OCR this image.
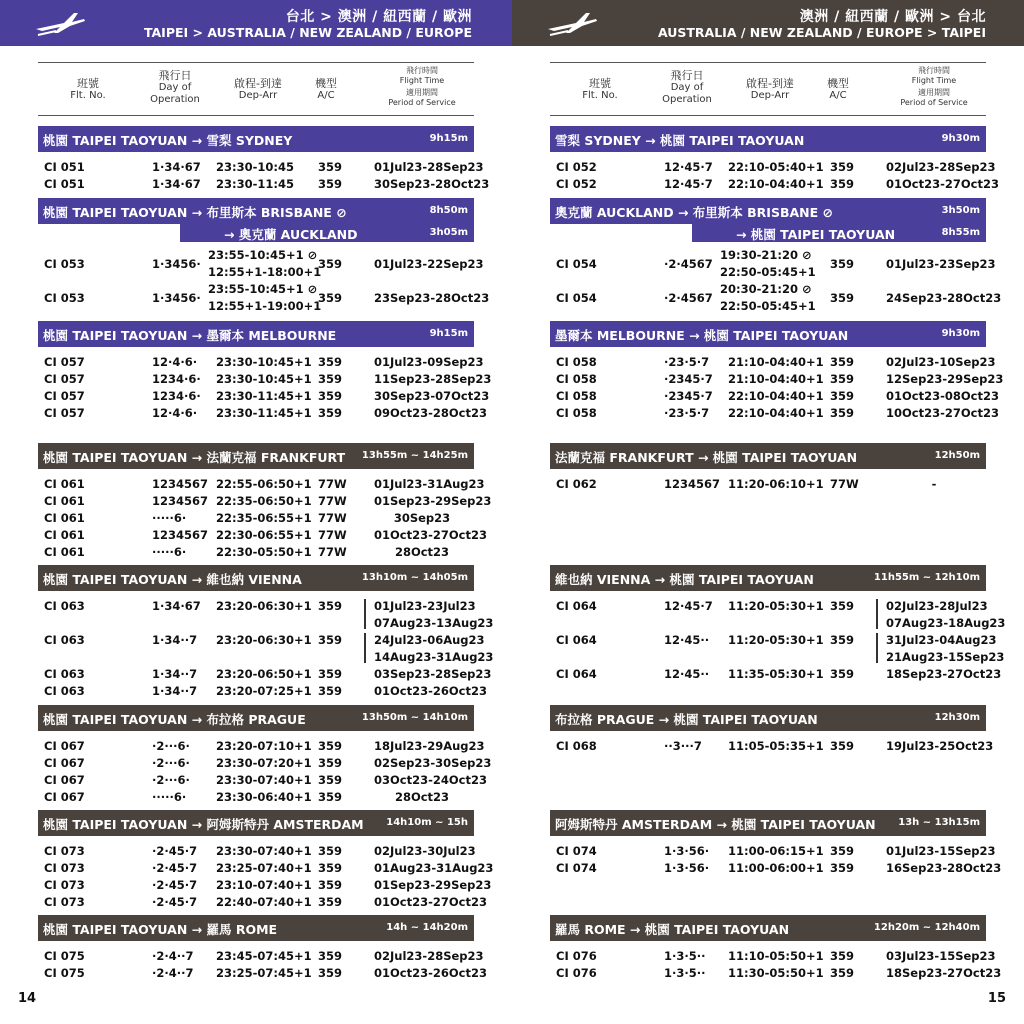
台北 > 澳洲 / 紐西蘭 / 歐洲
TAIPEI > AUSTRALIA / NEW ZEALAND / EUROPE
班號
Flt. No.
飛行日
Day of
Operation
啟程-到達
Dep-Arr
機型
A/C
飛行時間
Flight Time
適用期間
Period of Service
桃園 TAIPEI TAOYUAN → 雪梨 SYDNEY	9h15m
CI 051	1·34·67 23:30-10:45 359	01Jul23-28Sep23
CI 051	1·34·67 23:30-11:45 359	30Sep23-28Oct23
桃園 TAIPEI TAOYUAN → 布里斯本 BRISBANE ⊘	8h50m
→ 奧克蘭 AUCKLAND	3h05m
CI 053	1·3456·
23:55-10:45+1 ⊘
12:55+1-18:00+1
359	01Jul23-22Sep23
CI 053	1·3456·
23:55-10:45+1 ⊘
12:55+1-19:00+1
359	23Sep23-28Oct23
桃園 TAIPEI TAOYUAN → 墨爾本 MELBOURNE	9h15m
CI 057	12·4·6· 23:30-10:45+1 359	01Jul23-09Sep23
CI 057	1234·6· 23:30-10:45+1 359	11Sep23-28Sep23
CI 057	1234·6· 23:30-11:45+1 359	30Sep23-07Oct23
CI 057	12·4·6· 23:30-11:45+1 359	09Oct23-28Oct23
桃園 TAIPEI TAOYUAN → 法蘭克福 FRANKFURT 13h55m ~ 14h25m
CI 061	1234567 22:55-06:50+1 77W 01Jul23-31Aug23
CI 061	1234567 22:35-06:50+1 77W 01Sep23-29Sep23
CI 061	·····6·	22:35-06:55+1 77W	30Sep23
CI 061	1234567 22:30-06:55+1 77W 01Oct23-27Oct23
CI 061	·····6·	22:30-05:50+1 77W	28Oct23
桃園 TAIPEI TAOYUAN → 維也納 VIENNA	13h10m ~ 14h05m
CI 063	1·34·67 23:20-06:30+1 359	01Jul23-23Jul23
07Aug23-13Aug23
CI 063	1·34··7 23:20-06:30+1 359	24Jul23-06Aug23
14Aug23-31Aug23
CI 063	1·34··7 23:20-06:50+1 359	03Sep23-28Sep23
CI 063	1·34··7 23:20-07:25+1 359	01Oct23-26Oct23
桃園 TAIPEI TAOYUAN → 布拉格 PRAGUE	13h50m ~ 14h10m
CI 067	·2···6· 23:20-07:10+1 359	18Jul23-29Aug23
CI 067	·2···6· 23:30-07:20+1 359	02Sep23-30Sep23
CI 067	·2···6· 23:30-07:40+1 359	03Oct23-24Oct23
CI 067	·····6·	23:30-06:40+1 359	28Oct23
桃園 TAIPEI TAOYUAN → 阿姆斯特丹 AMSTERDAM 14h10m ~ 15h
CI 073	·2·45·7 23:30-07:40+1 359	02Jul23-30Jul23
CI 073	·2·45·7 23:25-07:40+1 359	01Aug23-31Aug23
CI 073	·2·45·7 23:10-07:40+1 359	01Sep23-29Sep23
CI 073	·2·45·7 22:40-07:40+1 359	01Oct23-27Oct23
桃園 TAIPEI TAOYUAN → 羅馬 ROME	14h ~ 14h20m
CI 075	·2·4··7 23:45-07:45+1 359	02Jul23-28Sep23
CI 075	·2·4··7 23:25-07:45+1 359	01Oct23-26Oct23
14
澳洲 / 紐西蘭 / 歐洲 > 台北
AUSTRALIA / NEW ZEALAND / EUROPE > TAIPEI
班號
Flt. No.
飛行日
Day of
Operation
啟程-到達
Dep-Arr
機型
A/C
飛行時間
Flight Time
適用期間
Period of Service
雪梨 SYDNEY → 桃園 TAIPEI TAOYUAN	9h30m
CI 052	12·45·7 22:10-05:40+1 359	02Jul23-28Sep23
CI 052	12·45·7 22:10-04:40+1 359	01Oct23-27Oct23
奧克蘭 AUCKLAND → 布里斯本 BRISBANE ⊘	3h50m
→ 桃園 TAIPEI TAOYUAN	8h55m
CI 054	·2·4567
19:30-21:20 ⊘
22:50-05:45+1
359	01Jul23-23Sep23
CI 054	·2·4567
20:30-21:20 ⊘
22:50-05:45+1
359	24Sep23-28Oct23
墨爾本 MELBOURNE → 桃園 TAIPEI TAOYUAN	9h30m
CI 058	·23·5·7 21:10-04:40+1 359	02Jul23-10Sep23
CI 058	·2345·7 21:10-04:40+1 359	12Sep23-29Sep23
CI 058	·2345·7 22:10-04:40+1 359	01Oct23-08Oct23
CI 058	·23·5·7 22:10-04:40+1 359	10Oct23-27Oct23
法蘭克福 FRANKFURT → 桃園 TAIPEI TAOYUAN	12h50m
CI 062	1234567 11:20-06:10+1 77W	-
維也納 VIENNA → 桃園 TAIPEI TAOYUAN	11h55m ~ 12h10m
CI 064	12·45·7 11:20-05:30+1 359	02Jul23-28Jul23
07Aug23-18Aug23
CI 064	12·45·· 11:20-05:30+1 359	31Jul23-04Aug23
21Aug23-15Sep23
CI 064	12·45·· 11:35-05:30+1 359	18Sep23-27Oct23
布拉格 PRAGUE → 桃園 TAIPEI TAOYUAN	12h30m
CI 068	··3···7 11:05-05:35+1 359	19Jul23-25Oct23
阿姆斯特丹 AMSTERDAM → 桃園 TAIPEI TAOYUAN 13h ~ 13h15m
CI 074	1·3·56· 11:00-06:15+1 359	01Jul23-15Sep23
CI 074	1·3·56· 11:00-06:00+1 359	16Sep23-28Oct23
羅馬 ROME → 桃園 TAIPEI TAOYUAN	12h20m ~ 12h40m
CI 076	1·3·5·· 11:10-05:50+1 359	03Jul23-15Sep23
CI 076	1·3·5·· 11:30-05:50+1 359	18Sep23-27Oct23
15
